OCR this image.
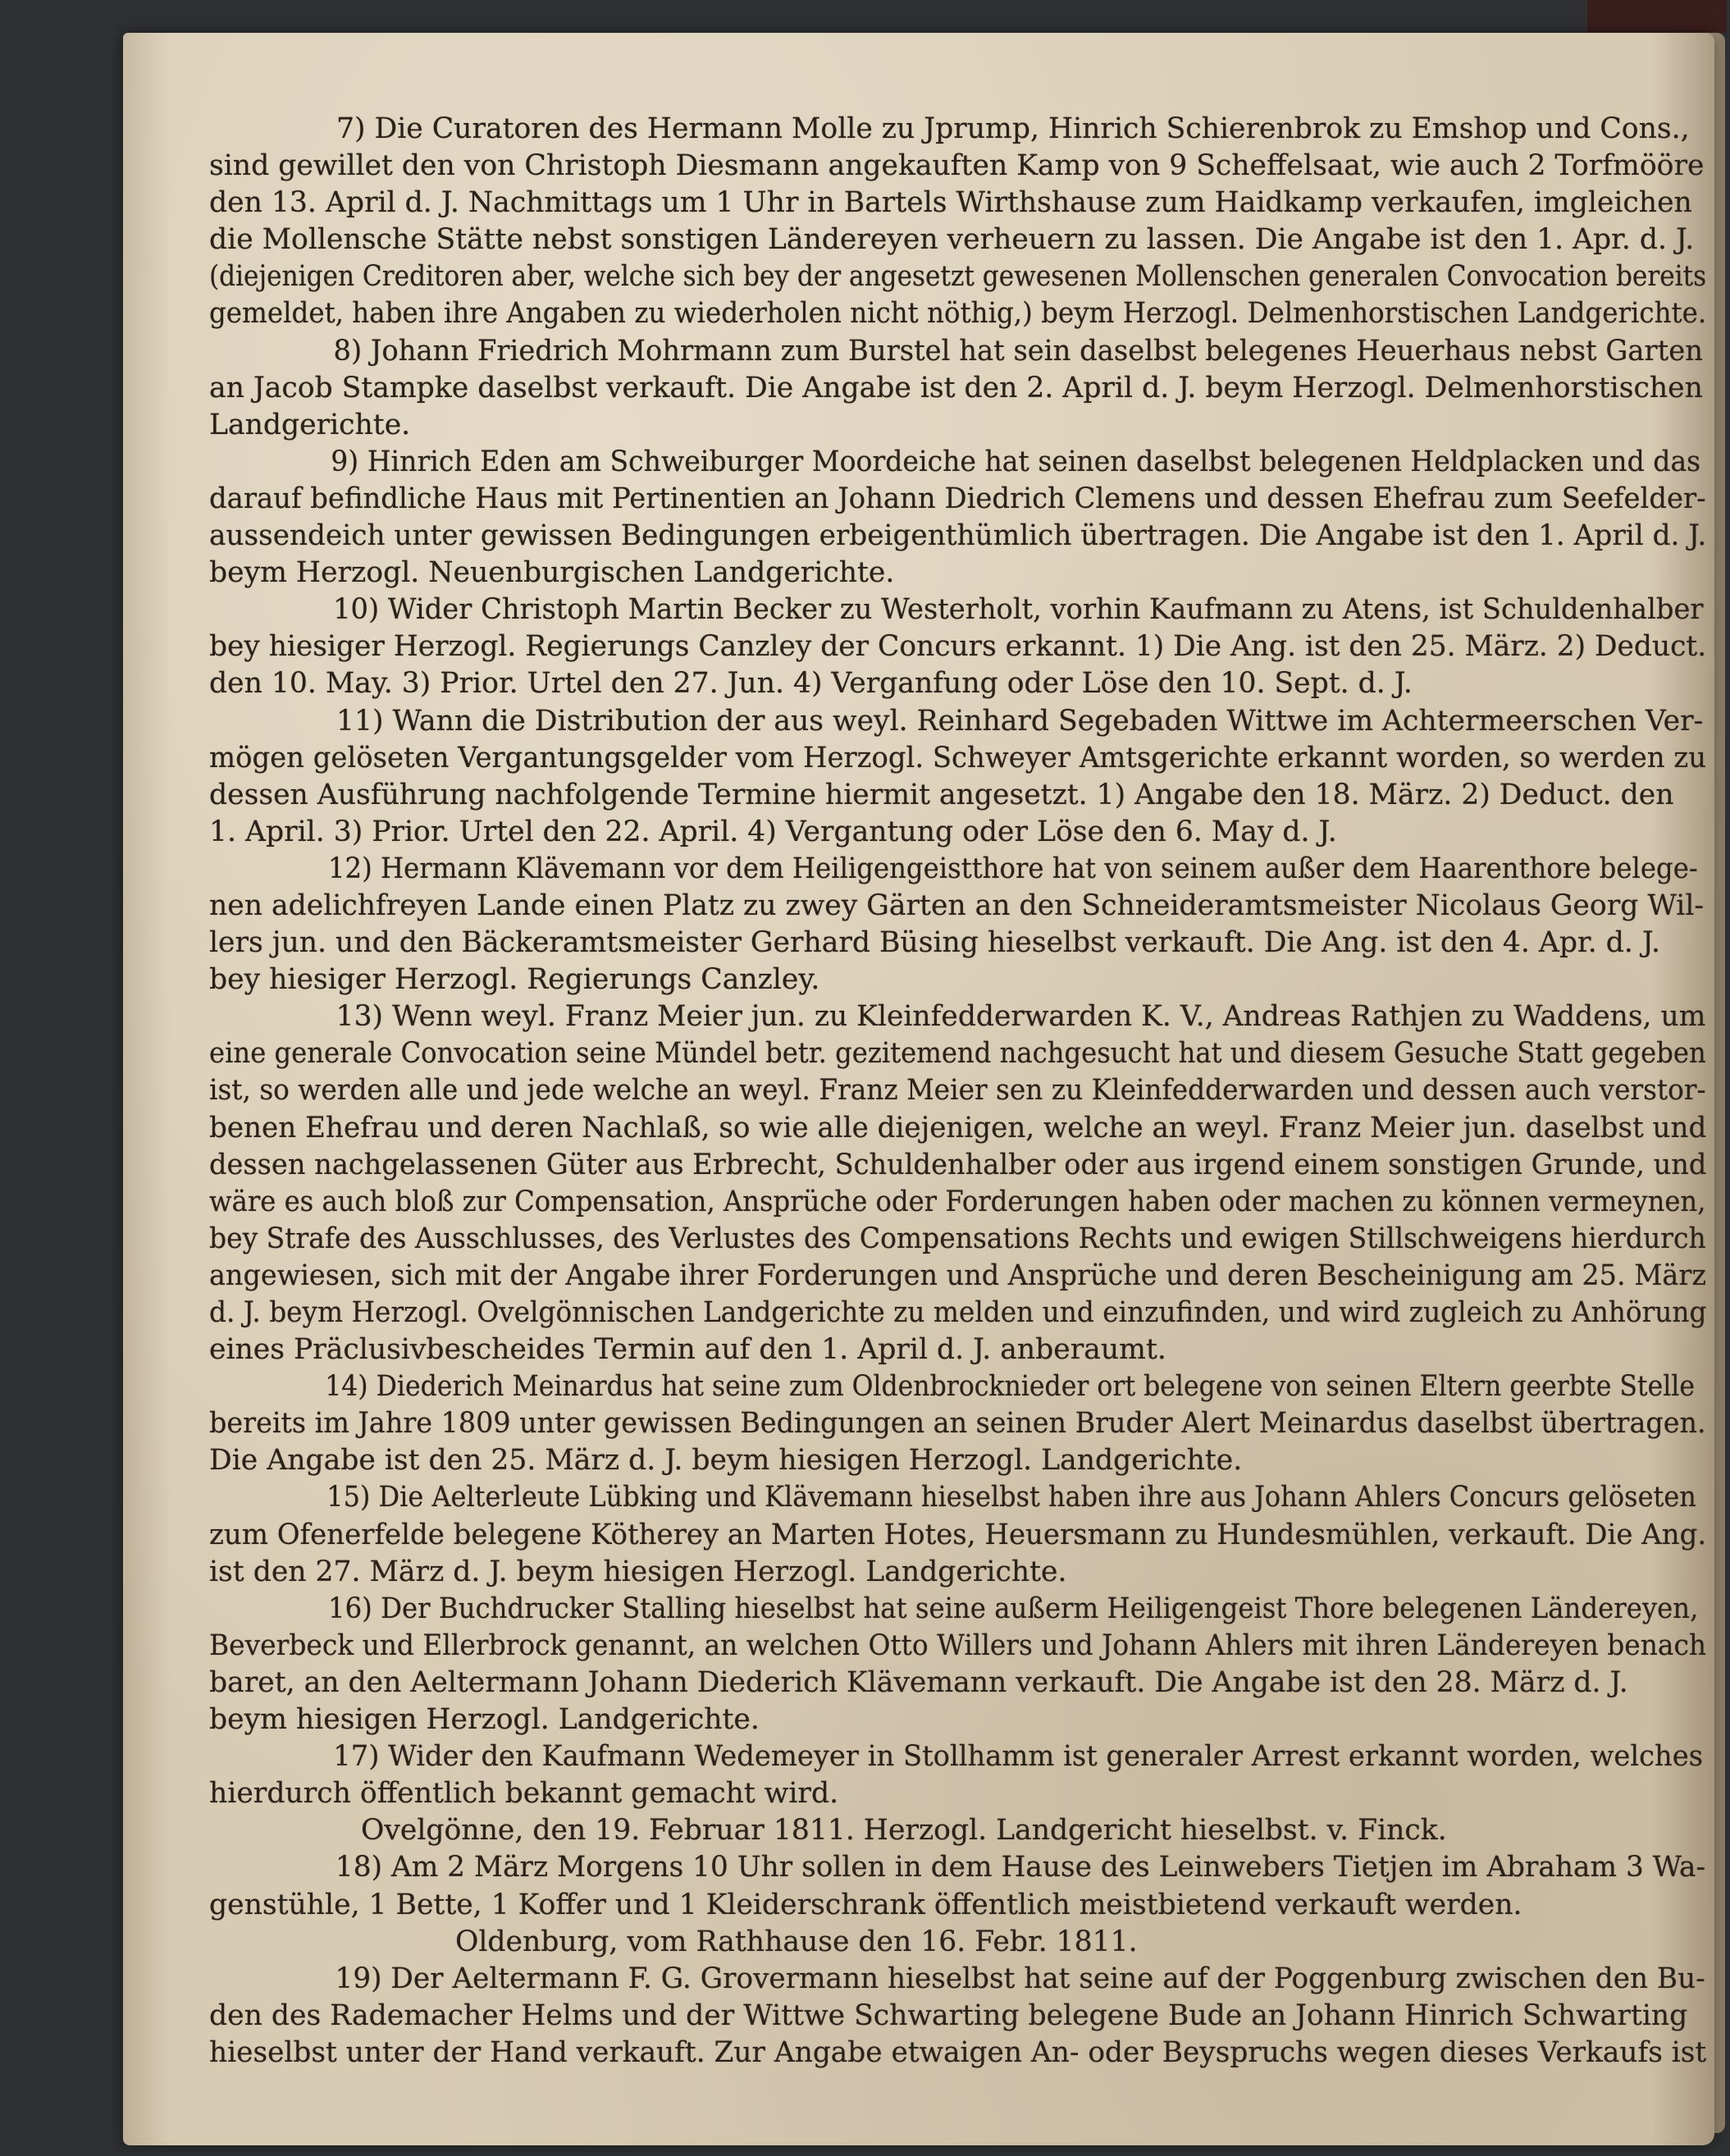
7) Die Curatoren des Hermann Molle zu Jprump, Hinrich Schierenbrok zu Emshop und Cons.,
sind gewillet den von Christoph Diesmann angekauften Kamp von 9 Scheffelsaat, wie auch 2 Torfmööre
den 13. April d. J. Nachmittags um 1 Uhr in Bartels Wirthshause zum Haidkamp verkaufen, imgleichen
die Mollensche Stätte nebst sonstigen Ländereyen verheuern zu lassen. Die Angabe ist den 1. Apr. d. J.
(diejenigen Creditoren aber, welche sich bey der angesetzt gewesenen Mollenschen generalen Convocation bereits
gemeldet, haben ihre Angaben zu wiederholen nicht nöthig,) beym Herzogl. Delmenhorstischen Landgerichte.
8) Johann Friedrich Mohrmann zum Burstel hat sein daselbst belegenes Heuerhaus nebst Garten
an Jacob Stampke daselbst verkauft. Die Angabe ist den 2. April d. J. beym Herzogl. Delmenhorstischen
Landgerichte.
9) Hinrich Eden am Schweiburger Moordeiche hat seinen daselbst belegenen Heldplacken und das
darauf befindliche Haus mit Pertinentien an Johann Diedrich Clemens und dessen Ehefrau zum Seefelder-
aussendeich unter gewissen Bedingungen erbeigenthümlich übertragen. Die Angabe ist den 1. April d. J.
beym Herzogl. Neuenburgischen Landgerichte.
10) Wider Christoph Martin Becker zu Westerholt, vorhin Kaufmann zu Atens, ist Schuldenhalber
bey hiesiger Herzogl. Regierungs Canzley der Concurs erkannt. 1) Die Ang. ist den 25. März. 2) Deduct.
den 10. May. 3) Prior. Urtel den 27. Jun. 4) Verganfung oder Löse den 10. Sept. d. J.
11) Wann die Distribution der aus weyl. Reinhard Segebaden Wittwe im Achtermeerschen Ver-
mögen gelöseten Vergantungsgelder vom Herzogl. Schweyer Amtsgerichte erkannt worden, so werden zu
dessen Ausführung nachfolgende Termine hiermit angesetzt. 1) Angabe den 18. März. 2) Deduct. den
1. April. 3) Prior. Urtel den 22. April. 4) Vergantung oder Löse den 6. May d. J.
12) Hermann Klävemann vor dem Heiligengeistthore hat von seinem außer dem Haarenthore belege-
nen adelichfreyen Lande einen Platz zu zwey Gärten an den Schneideramtsmeister Nicolaus Georg Wil-
lers jun. und den Bäckeramtsmeister Gerhard Büsing hieselbst verkauft. Die Ang. ist den 4. Apr. d. J.
bey hiesiger Herzogl. Regierungs Canzley.
13) Wenn weyl. Franz Meier jun. zu Kleinfedderwarden K. V., Andreas Rathjen zu Waddens, um
eine generale Convocation seine Mündel betr. gezitemend nachgesucht hat und diesem Gesuche Statt gegeben
ist, so werden alle und jede welche an weyl. Franz Meier sen zu Kleinfedderwarden und dessen auch verstor-
benen Ehefrau und deren Nachlaß, so wie alle diejenigen, welche an weyl. Franz Meier jun. daselbst und
dessen nachgelassenen Güter aus Erbrecht, Schuldenhalber oder aus irgend einem sonstigen Grunde, und
wäre es auch bloß zur Compensation, Ansprüche oder Forderungen haben oder machen zu können vermeynen,
bey Strafe des Ausschlusses, des Verlustes des Compensations Rechts und ewigen Stillschweigens hierdurch
angewiesen, sich mit der Angabe ihrer Forderungen und Ansprüche und deren Bescheinigung am 25. März
d. J. beym Herzogl. Ovelgönnischen Landgerichte zu melden und einzufinden, und wird zugleich zu Anhörung
eines Präclusivbescheides Termin auf den 1. April d. J. anberaumt.
14) Diederich Meinardus hat seine zum Oldenbrocknieder ort belegene von seinen Eltern geerbte Stelle
bereits im Jahre 1809 unter gewissen Bedingungen an seinen Bruder Alert Meinardus daselbst übertragen.
Die Angabe ist den 25. März d. J. beym hiesigen Herzogl. Landgerichte.
15) Die Aelterleute Lübking und Klävemann hieselbst haben ihre aus Johann Ahlers Concurs gelöseten
zum Ofenerfelde belegene Kötherey an Marten Hotes, Heuersmann zu Hundesmühlen, verkauft. Die Ang.
ist den 27. März d. J. beym hiesigen Herzogl. Landgerichte.
16) Der Buchdrucker Stalling hieselbst hat seine außerm Heiligengeist Thore belegenen Ländereyen,
Beverbeck und Ellerbrock genannt, an welchen Otto Willers und Johann Ahlers mit ihren Ländereyen benach
baret, an den Aeltermann Johann Diederich Klävemann verkauft. Die Angabe ist den 28. März d. J.
beym hiesigen Herzogl. Landgerichte.
17) Wider den Kaufmann Wedemeyer in Stollhamm ist generaler Arrest erkannt worden, welches
hierdurch öffentlich bekannt gemacht wird.
Ovelgönne, den 19. Februar 1811. Herzogl. Landgericht hieselbst. v. Finck.
18) Am 2 März Morgens 10 Uhr sollen in dem Hause des Leinwebers Tietjen im Abraham 3 Wa-
genstühle, 1 Bette, 1 Koffer und 1 Kleiderschrank öffentlich meistbietend verkauft werden.
Oldenburg, vom Rathhause den 16. Febr. 1811.
19) Der Aeltermann F. G. Grovermann hieselbst hat seine auf der Poggenburg zwischen den Bu-
den des Rademacher Helms und der Wittwe Schwarting belegene Bude an Johann Hinrich Schwarting
hieselbst unter der Hand verkauft. Zur Angabe etwaigen An- oder Beyspruchs wegen dieses Verkaufs ist
